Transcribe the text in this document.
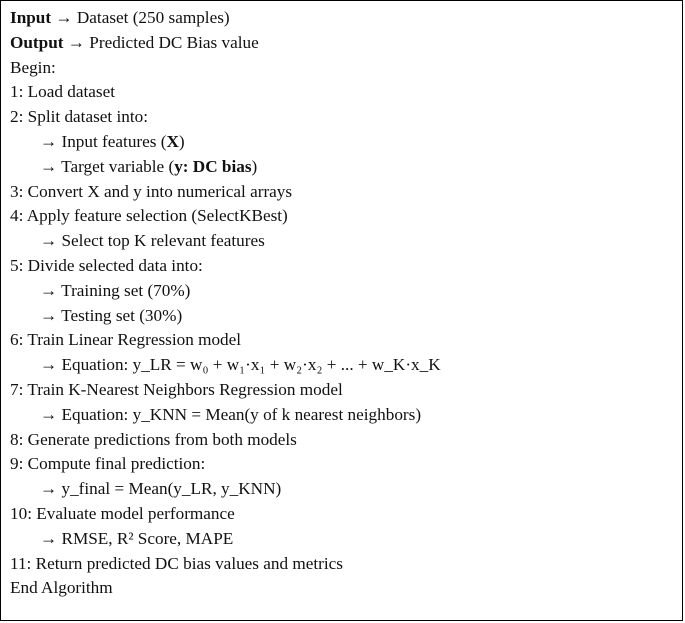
Input → Dataset (250 samples)
Output → Predicted DC Bias value
Begin:
1: Load dataset
2: Split dataset into:
→ Input features (X)
→ Target variable (y: DC bias)
3: Convert X and y into numerical arrays
4: Apply feature selection (SelectKBest)
→ Select top K relevant features
5: Divide selected data into:
→ Training set (70%)
→ Testing set (30%)
6: Train Linear Regression model
→ Equation: y_LR = w₀ + w₁·x₁ + w₂·x₂ + ... + w_K·x_K
7: Train K-Nearest Neighbors Regression model
→ Equation: y_KNN = Mean(y of k nearest neighbors)
8: Generate predictions from both models
9: Compute final prediction:
→ y_final = Mean(y_LR, y_KNN)
10: Evaluate model performance
→ RMSE, R² Score, MAPE
11: Return predicted DC bias values and metrics
End Algorithm
